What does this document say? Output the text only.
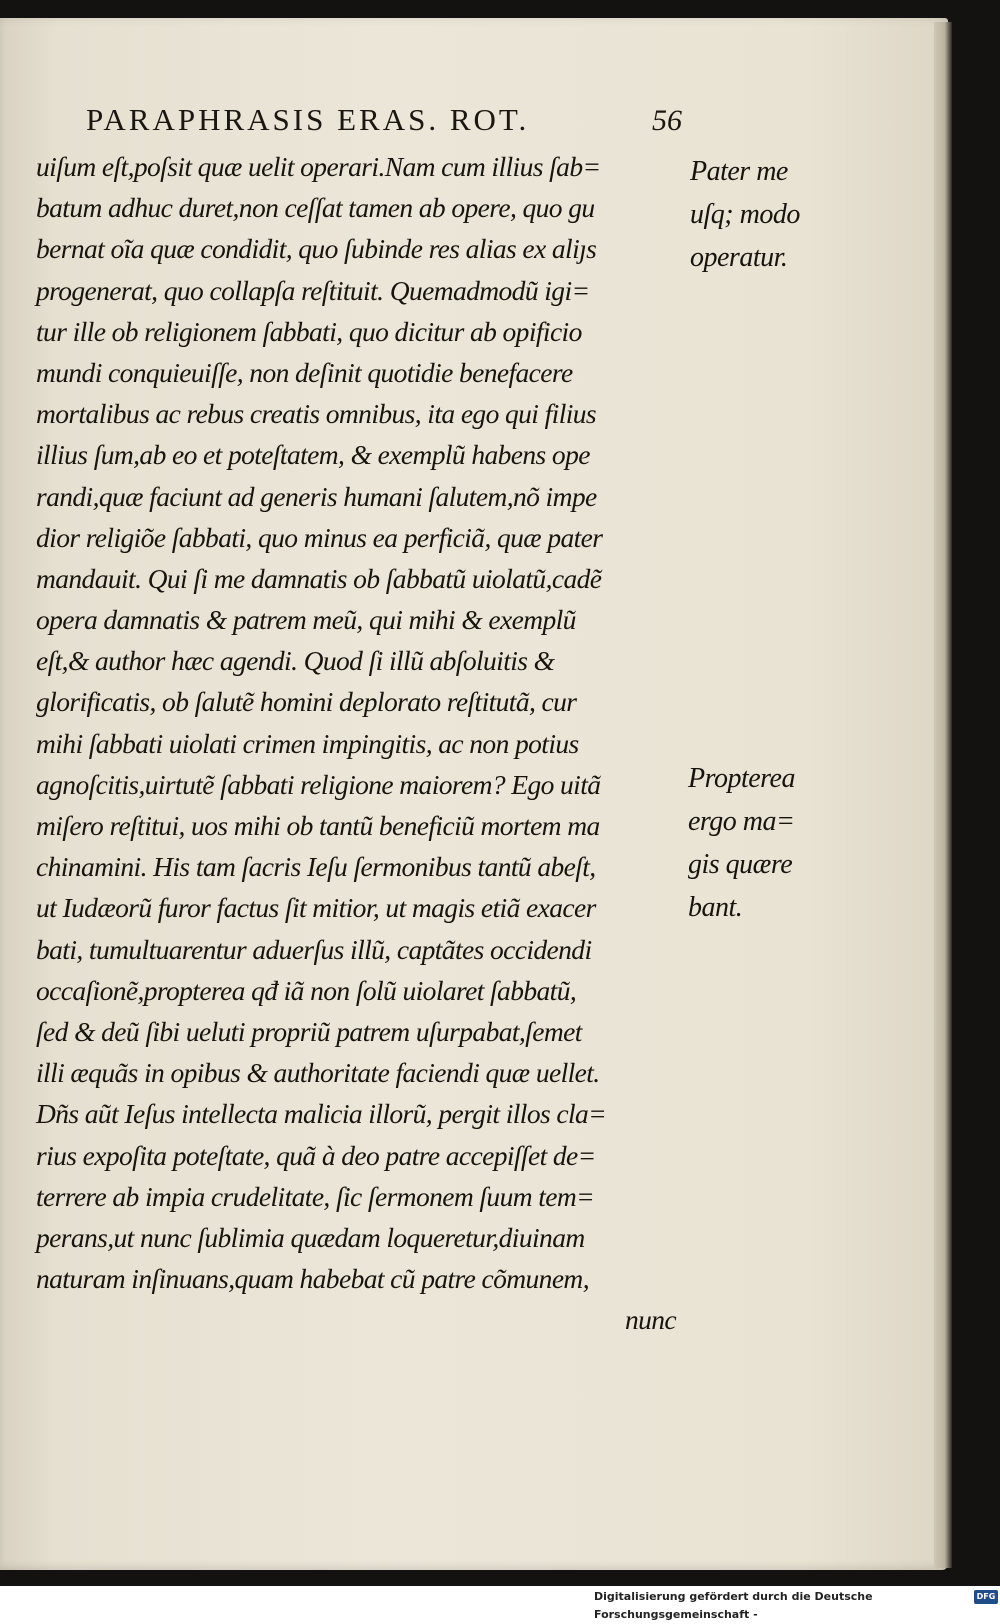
PARAPHRASIS ERAS. ROT.	56
uiſum eſt,poſsit quæ uelit operari.Nam cum illius ſab=
batum adhuc duret,non ceſſat tamen ab opere, quo gu
bernat oĩa quæ condidit, quo ſubinde res alias ex aliȷs
progenerat, quo collapſa reſtituit. Quemadmodũ igi=
tur ille ob religionem ſabbati, quo dicitur ab opificio
mundi conquieuiſſe, non deſinit quotidie benefacere
mortalibus ac rebus creatis omnibus, ita ego qui filius
illius ſum,ab eo et poteſtatem, & exemplũ habens ope
randi,quæ faciunt ad generis humani ſalutem,nõ impe
dior religiõe ſabbati, quo minus ea perficiã, quæ pater
mandauit. Qui ſi me damnatis ob ſabbatũ uiolatũ,cadẽ
opera damnatis & patrem meũ, qui mihi & exemplũ
eſt,& author hæc agendi. Quod ſi illũ abſoluitis &
glorificatis, ob ſalutẽ homini deplorato reſtitutã, cur
mihi ſabbati uiolati crimen impingitis, ac non potius
agnoſcitis,uirtutẽ ſabbati religione maiorem? Ego uitã
miſero reſtitui, uos mihi ob tantũ beneficiũ mortem ma
chinamini. His tam ſacris Ieſu ſermonibus tantũ abeſt,
ut Iudæorũ furor factus ſit mitior, ut magis etiã exacer
bati, tumultuarentur aduerſus illũ, captãtes occidendi
occaſionẽ,propterea qđ iã non ſolũ uiolaret ſabbatũ,
ſed & deũ ſibi ueluti propriũ patrem uſurpabat,ſemet
illi æquãs in opibus & authoritate faciendi quæ uellet.
Dñs aũt Ieſus intellecta malicia illorũ, pergit illos cla=
rius expoſita poteſtate, quã à deo patre accepiſſet de=
terrere ab impia crudelitate, ſic ſermonem ſuum tem=
perans,ut nunc ſublimia quædam loqueretur,diuinam
naturam inſinuans,quam habebat cũ patre cõmunem,
nunc
Pater me
uſq; modo
operatur.
Propterea
ergo ma=
gis quære
bant.
Digitalisierung gefördert durch die Deutsche Forschungsgemeinschaft -
DFG
